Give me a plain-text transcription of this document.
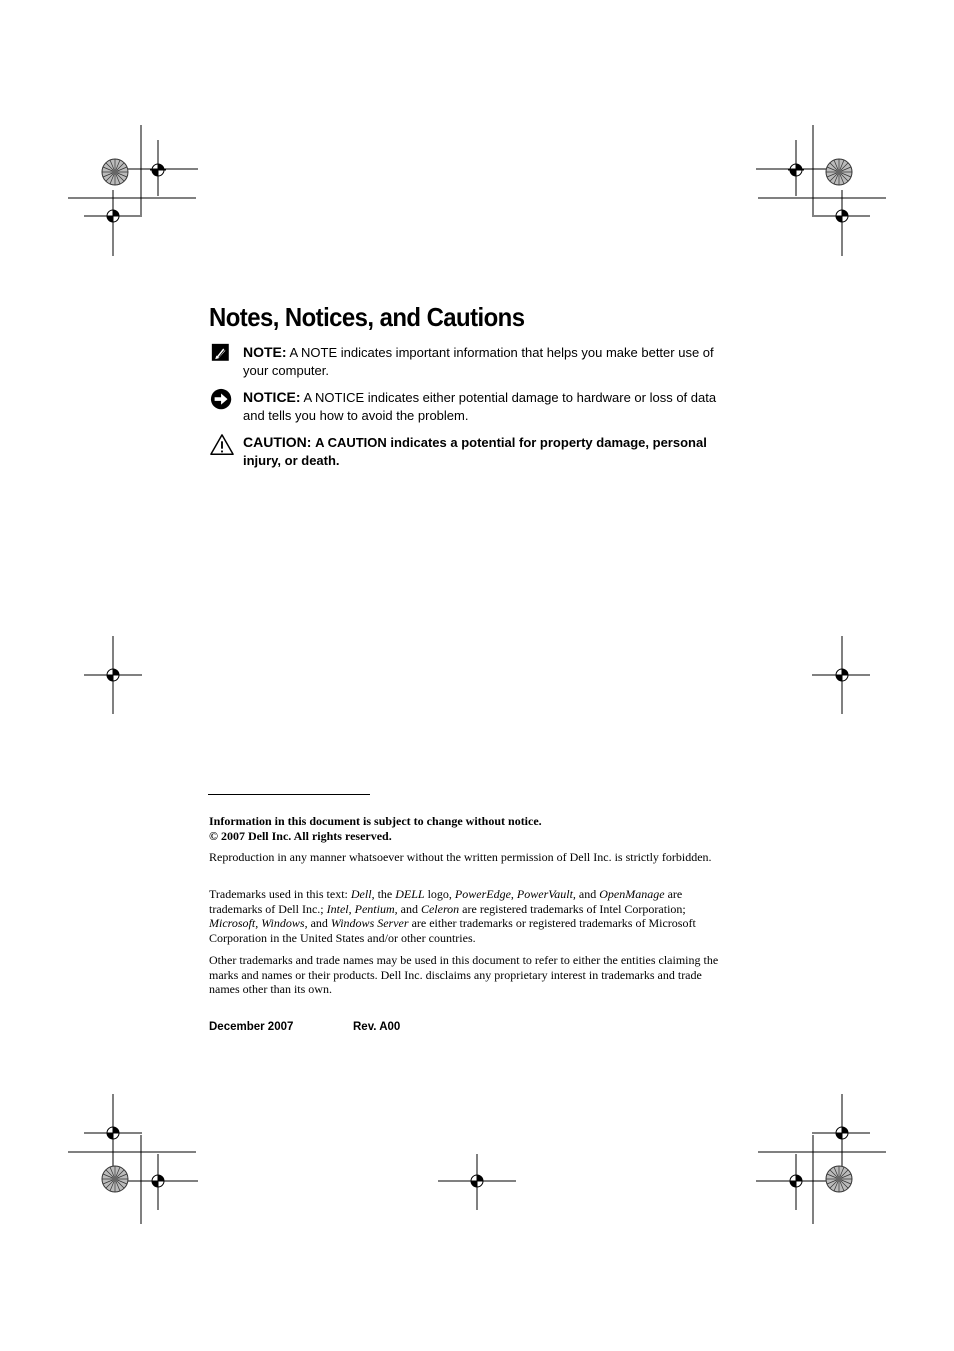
Notes, Notices, and Cautions
NOTE: A NOTE indicates important information that helps you make better use of your computer.
NOTICE: A NOTICE indicates either potential damage to hardware or loss of data and tells you how to avoid the problem.
CAUTION: A CAUTION indicates a potential for property damage, personal injury, or death.
Information in this document is subject to change without notice.
© 2007 Dell Inc. All rights reserved.

Reproduction in any manner whatsoever without the written permission of Dell Inc. is strictly forbidden.

Trademarks used in this text: Dell, the DELL logo, PowerEdge, PowerVault, and OpenManage are trademarks of Dell Inc.; Intel, Pentium, and Celeron are registered trademarks of Intel Corporation; Microsoft, Windows, and Windows Server are either trademarks or registered trademarks of Microsoft Corporation in the United States and/or other countries.

Other trademarks and trade names may be used in this document to refer to either the entities claiming the marks and names or their products. Dell Inc. disclaims any proprietary interest in trademarks and trade names other than its own.

December 2007	Rev. A00
